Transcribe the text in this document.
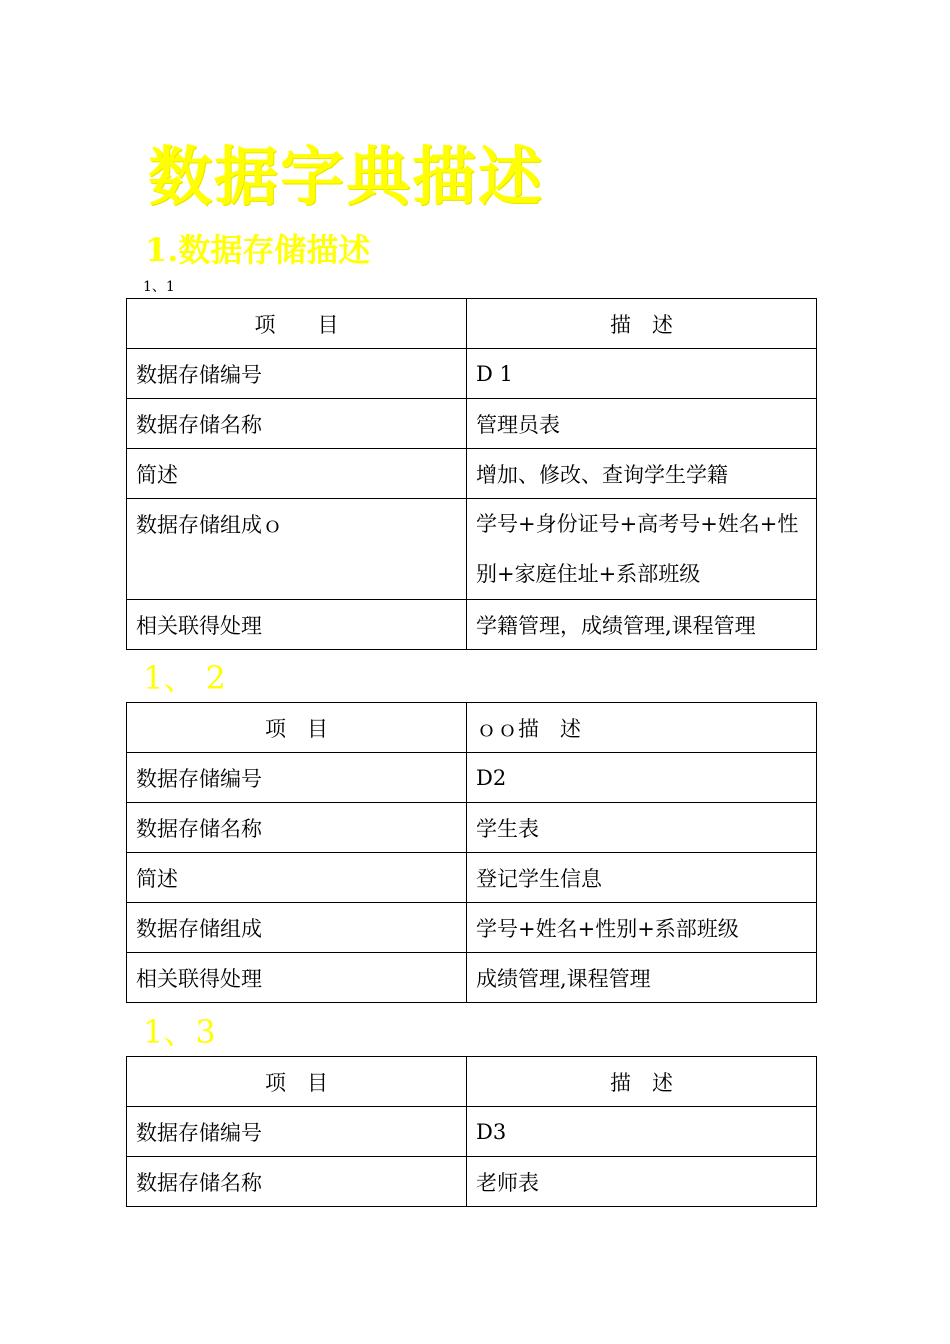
数据字典描述
1.数据存储描述
1、1
项　　目	描　述
数据存储编号	D 1
数据存储名称	管理员表
简述	增加、修改、查询学生学籍
数据存储组成ｏ	学号+身份证号+高考号+姓名+性别+家庭住址+系部班级
相关联得处理	学籍管理，成绩管理,课程管理
1、 2
项　目	ｏｏ描　述
数据存储编号	D2
数据存储名称	学生表
简述	登记学生信息
数据存储组成	学号+姓名+性别+系部班级
相关联得处理	成绩管理,课程管理
1、3
项　目	描　述
数据存储编号	D3
数据存储名称	老师表
